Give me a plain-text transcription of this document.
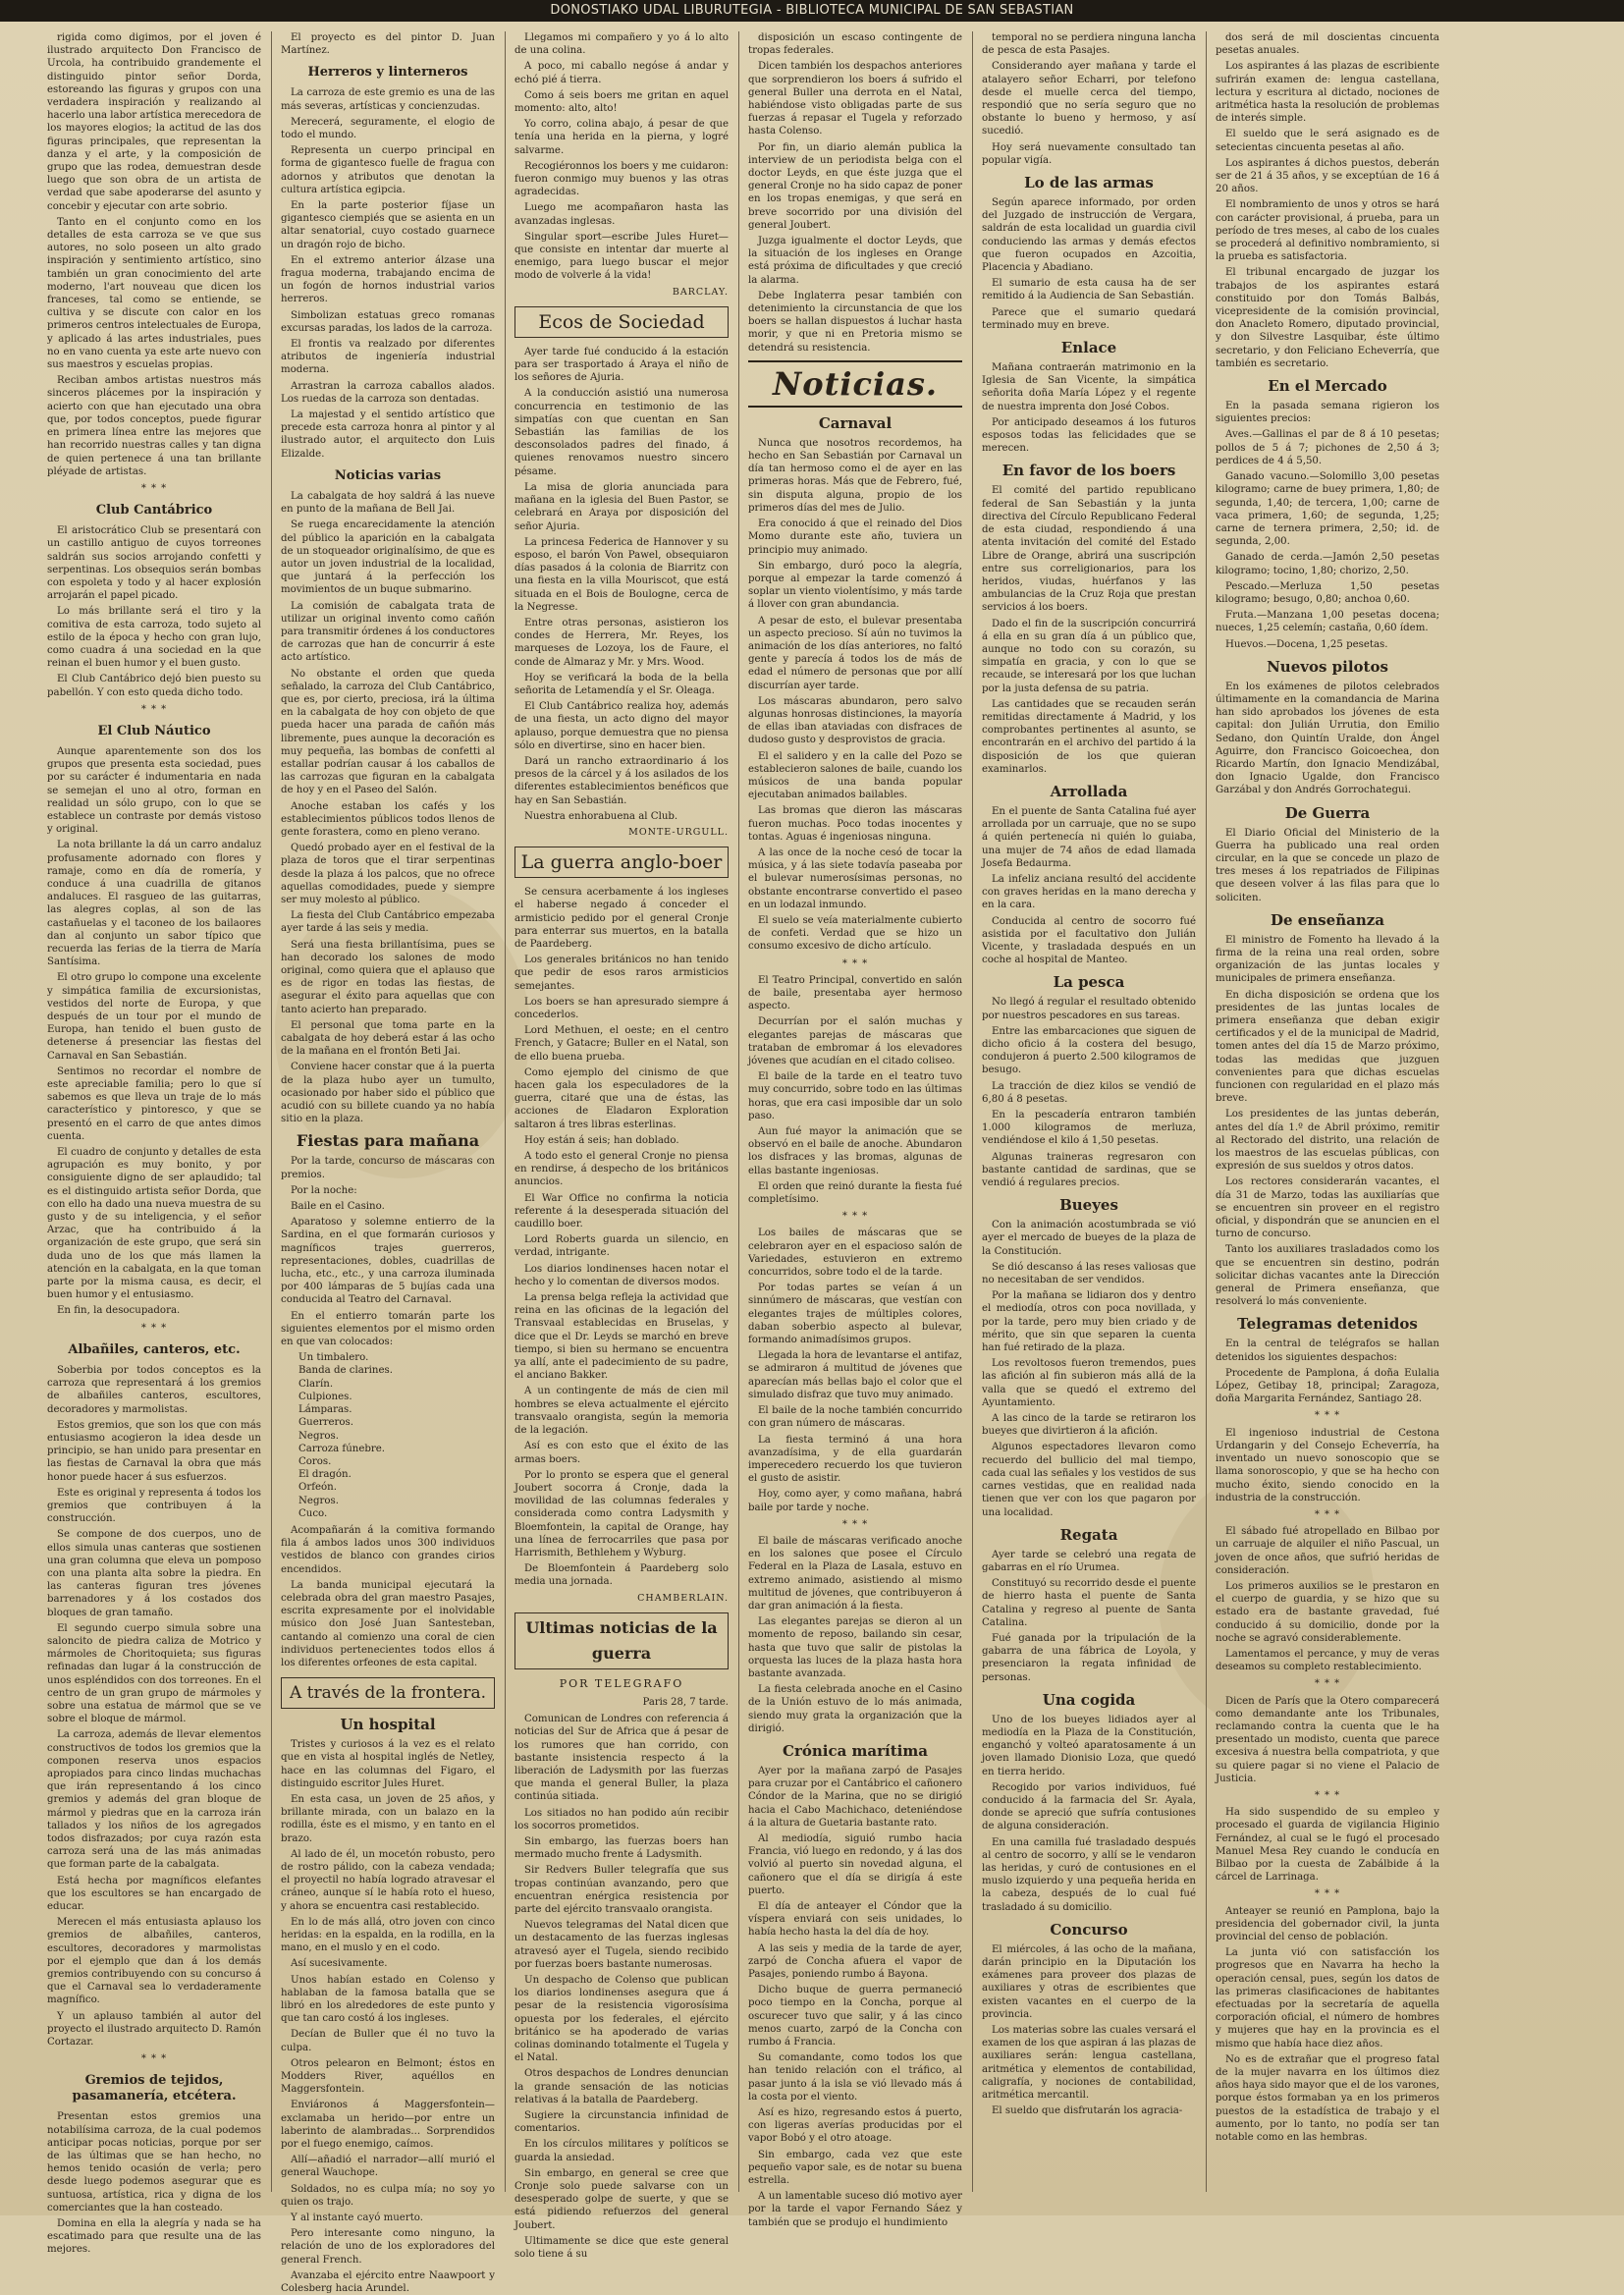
DONOSTIAKO UDAL LIBURUTEGIA - BIBLIOTECA MUNICIPAL DE SAN SEBASTIAN

rigida como digimos, por el joven é ilustrado arquitecto Don Francisco de Urcola, ha contribuido grandemente el distinguido pintor señor Dorda, estoreando las figuras y grupos con una verdadera inspiración y realizando al hacerlo una labor artística merecedora de los mayores elogios; la actitud de las dos figuras principales, que representan la danza y el arte, y la composición de grupo que las rodea, demuestran desde luego que son obra de un artista de verdad que sabe apoderarse del asunto y concebir y ejecutar con arte sobrio.

Tanto en el conjunto como en los detalles de esta carroza se ve que sus autores, no solo poseen un alto grado inspiración y sentimiento artístico, sino también un gran conocimiento del arte moderno, l'art nouveau que dicen los franceses, tal como se entiende, se cultiva y se discute con calor en los primeros centros intelectuales de Europa, y aplicado á las artes industriales, pues no en vano cuenta ya este arte nuevo con sus maestros y escuelas propias.

Reciban ambos artistas nuestros más sinceros plácemes por la inspiración y acierto con que han ejecutado una obra que, por todos conceptos, puede figurar en primera línea entre las mejores que han recorrido nuestras calles y tan digna de quien pertenece á una tan brillante pléyade de artistas.

* * *
Club Cantábrico

El aristocrático Club se presentará con un castillo antiguo de cuyos torreones saldrán sus socios arrojando confetti y serpentinas. Los obsequios serán bombas con espoleta y todo y al hacer explosión arrojarán el papel picado.

Lo más brillante será el tiro y la comitiva de esta carroza, todo sujeto al estilo de la época y hecho con gran lujo, como cuadra á una sociedad en la que reinan el buen humor y el buen gusto.

El Club Cantábrico dejó bien puesto su pabellón. Y con esto queda dicho todo.

* * *
El Club Náutico

Aunque aparentemente son dos los grupos que presenta esta sociedad, pues por su carácter é indumentaria en nada se semejan el uno al otro, forman en realidad un sólo grupo, con lo que se establece un contraste por demás vistoso y original.

La nota brillante la dá un carro andaluz profusamente adornado con flores y ramaje, como en día de romería, y conduce á una cuadrilla de gitanos andaluces. El rasgueo de las guitarras, las alegres coplas, al son de las castañuelas y el taconeo de los bailaores dan al conjunto un sabor típico que recuerda las ferias de la tierra de María Santísima.

El otro grupo lo compone una excelente y simpática familia de excursionistas, vestidos del norte de Europa, y que después de un tour por el mundo de Europa, han tenido el buen gusto de detenerse á presenciar las fiestas del Carnaval en San Sebastián.

Sentimos no recordar el nombre de este apreciable familia; pero lo que sí sabemos es que lleva un traje de lo más característico y pintoresco, y que se presentó en el carro de que antes dimos cuenta.

El cuadro de conjunto y detalles de esta agrupación es muy bonito, y por consiguiente digno de ser aplaudido; tal es el distinguido artista señor Dorda, que con ello ha dado una nueva muestra de su gusto y de su inteligencia, y el señor Arzac, que ha contribuido á la organización de este grupo, que será sin duda uno de los que más llamen la atención en la cabalgata, en la que toman parte por la misma causa, es decir, el buen humor y el entusiasmo.

En fin, la desocupadora.

* * *
Albañiles, canteros, etc.

Soberbia por todos conceptos es la carroza que representará á los gremios de albañiles canteros, escultores, decoradores y marmolistas.

Estos gremios, que son los que con más entusiasmo acogieron la idea desde un principio, se han unido para presentar en las fiestas de Carnaval la obra que más honor puede hacer á sus esfuerzos.

Este es original y representa á todos los gremios que contribuyen á la construcción.

Se compone de dos cuerpos, uno de ellos simula unas canteras que sostienen una gran columna que eleva un pomposo con una planta alta sobre la piedra. En las canteras figuran tres jóvenes barrenadores y á los costados dos bloques de gran tamaño.

El segundo cuerpo simula sobre una saloncito de piedra caliza de Motrico y mármoles de Choritoquieta; sus figuras refinadas dan lugar á la construcción de unos espléndidos con dos torreones. En el centro de un gran grupo de mármoles y sobre una estatua de mármol que se ve sobre el bloque de mármol.

La carroza, además de llevar elementos constructivos de todos los gremios que la componen reserva unos espacios apropiados para cinco lindas muchachas que irán representando á los cinco gremios y además del gran bloque de mármol y piedras que en la carroza irán tallados y los niños de los agregados todos disfrazados; por cuya razón esta carroza será una de las más animadas que forman parte de la cabalgata.

Está hecha por magníficos elefantes que los escultores se han encargado de educar.

Merecen el más entusiasta aplauso los gremios de albañiles, canteros, escultores, decoradores y marmolistas por el ejemplo que dan á los demás gremios contribuyendo con su concurso á que el Carnaval sea lo verdaderamente magnífico.

Y un aplauso también al autor del proyecto el ilustrado arquitecto D. Ramón Cortazar.

* * *
Gremios de tejidos, pasamanería, etcétera.

Presentan estos gremios una notabilísima carroza, de la cual podemos anticipar pocas noticias, porque por ser de las últimas que se han hecho, no hemos tenido ocasión de verla; pero desde luego podemos asegurar que es suntuosa, artística, rica y digna de los comerciantes que la han costeado.

Domina en ella la alegría y nada se ha escatimado para que resulte una de las mejores.

El proyecto es del pintor D. Juan Martínez.

Herreros y linterneros

La carroza de este gremio es una de las más severas, artísticas y concienzudas.

Merecerá, seguramente, el elogio de todo el mundo.

Representa un cuerpo principal en forma de gigantesco fuelle de fragua con adornos y atributos que denotan la cultura artística egipcia.

En la parte posterior fíjase un gigantesco ciempiés que se asienta en un altar senatorial, cuyo costado guarnece un dragón rojo de bicho.

En el extremo anterior álzase una fragua moderna, trabajando encima de un fogón de hornos industrial varios herreros.

Simbolizan estatuas greco romanas excursas paradas, los lados de la carroza.

El frontis va realzado por diferentes atributos de ingeniería industrial moderna.

Arrastran la carroza caballos alados. Los ruedas de la carroza son dentadas.

La majestad y el sentido artístico que precede esta carroza honra al pintor y al ilustrado autor, el arquitecto don Luis Elizalde.

Noticias varias

La cabalgata de hoy saldrá á las nueve en punto de la mañana de Bell Jai.

Se ruega encarecidamente la atención del público la aparición en la cabalgata de un stoqueador originalísimo, de que es autor un joven industrial de la localidad, que juntará á la perfección los movimientos de un buque submarino.

La comisión de cabalgata trata de utilizar un original invento como cañón para transmitir órdenes á los conductores de carrozas que han de concurrir á este acto artístico.

No obstante el orden que queda señalado, la carroza del Club Cantábrico, que es, por cierto, preciosa, irá la última en la cabalgata de hoy con objeto de que pueda hacer una parada de cañón más libremente, pues aunque la decoración es muy pequeña, las bombas de confetti al estallar podrían causar á los caballos de las carrozas que figuran en la cabalgata de hoy y en el Paseo del Salón.

Anoche estaban los cafés y los establecimientos públicos todos llenos de gente forastera, como en pleno verano.

Quedó probado ayer en el festival de la plaza de toros que el tirar serpentinas desde la plaza á los palcos, que no ofrece aquellas comodidades, puede y siempre ser muy molesto al público.

La fiesta del Club Cantábrico empezaba ayer tarde á las seis y media.

Será una fiesta brillantísima, pues se han decorado los salones de modo original, como quiera que el aplauso que es de rigor en todas las fiestas, de asegurar el éxito para aquellas que con tanto acierto han preparado.

El personal que toma parte en la cabalgata de hoy deberá estar á las ocho de la mañana en el frontón Beti Jai.

Conviene hacer constar que á la puerta de la plaza hubo ayer un tumulto, ocasionado por haber sido el público que acudió con su billete cuando ya no había sitio en la plaza.

Fiestas para mañana

Por la tarde, concurso de máscaras con premios.

Por la noche:

Baile en el Casino.

Aparatoso y solemne entierro de la Sardina, en el que formarán curiosos y magníficos trajes guerreros, representaciones, dobles, cuadrillas de lucha, etc., etc., y una carroza iluminada por 400 lámparas de 5 bujías cada una conducida al Teatro del Carnaval.

En el entierro tomarán parte los siguientes elementos por el mismo orden en que van colocados:

Un timbalero.
Banda de clarines.
Clarín.
Culpiones.
Lámparas.
Guerreros.
Negros.
Carroza fúnebre.
Coros.
El dragón.
Orfeón.
Negros.
Cuco.

Acompañarán á la comitiva formando fila á ambos lados unos 300 individuos vestidos de blanco con grandes cirios encendidos.

La banda municipal ejecutará la celebrada obra del gran maestro Pasajes, escrita expresamente por el inolvidable músico don José Juan Santesteban, cantando al comienzo una coral de cien individuos pertenecientes todos ellos á los diferentes orfeones de esta capital.

A través de la frontera.
Un hospital

Tristes y curiosos á la vez es el relato que en vista al hospital inglés de Netley, hace en las columnas del Figaro, el distinguido escritor Jules Huret.

En esta casa, un joven de 25 años, y brillante mirada, con un balazo en la rodilla, éste es el mismo, y en tanto en el brazo.

Al lado de él, un mocetón robusto, pero de rostro pálido, con la cabeza vendada; el proyectil no había logrado atravesar el cráneo, aunque sí le había roto el hueso, y ahora se encuentra casi restablecido.

En lo de más allá, otro joven con cinco heridas: en la espalda, en la rodilla, en la mano, en el muslo y en el codo.

Así sucesivamente.

Unos habían estado en Colenso y hablaban de la famosa batalla que se libró en los alrededores de este punto y que tan caro costó á los ingleses.

Decían de Buller que él no tuvo la culpa.

Otros pelearon en Belmont; éstos en Modders River, aquéllos en Maggersfontein.

Enviáronos á Maggersfontein—exclamaba un herido—por entre un laberinto de alambradas... Sorprendidos por el fuego enemigo, caímos.

Allí—añadió el narrador—allí murió el general Wauchope.

Soldados, no es culpa mía; no soy yo quien os trajo.

Y al instante cayó muerto.

Pero interesante como ninguno, la relación de uno de los exploradores del general French.

Avanzaba el ejército entre Naawpoort y Colesberg hacia Arundel.

Llegamos mi compañero y yo á lo alto de una colina.

A poco, mi caballo negóse á andar y echó pié á tierra.

Como á seis boers me gritan en aquel momento: alto, alto!

Yo corro, colina abajo, á pesar de que tenía una herida en la pierna, y logré salvarme.

Recogiéronnos los boers y me cuidaron: fueron conmigo muy buenos y las otras agradecidas.

Luego me acompañaron hasta las avanzadas inglesas.

Singular sport—escribe Jules Huret—que consiste en intentar dar muerte al enemigo, para luego buscar el mejor modo de volverle á la vida!

BARCLAY.
Ecos de Sociedad

Ayer tarde fué conducido á la estación para ser trasportado á Araya el niño de los señores de Ajuria.

A la conducción asistió una numerosa concurrencia en testimonio de las simpatías con que cuentan en San Sebastián las familias de los desconsolados padres del finado, á quienes renovamos nuestro sincero pésame.

La misa de gloria anunciada para mañana en la iglesia del Buen Pastor, se celebrará en Araya por disposición del señor Ajuria.

La princesa Federica de Hannover y su esposo, el barón Von Pawel, obsequiaron días pasados á la colonia de Biarritz con una fiesta en la villa Mouriscot, que está situada en el Bois de Boulogne, cerca de la Negresse.

Entre otras personas, asistieron los condes de Herrera, Mr. Reyes, los marqueses de Lozoya, los de Faure, el conde de Almaraz y Mr. y Mrs. Wood.

Hoy se verificará la boda de la bella señorita de Letamendía y el Sr. Oleaga.

El Club Cantábrico realiza hoy, además de una fiesta, un acto digno del mayor aplauso, porque demuestra que no piensa sólo en divertirse, sino en hacer bien.

Dará un rancho extraordinario á los presos de la cárcel y á los asilados de los diferentes establecimientos benéficos que hay en San Sebastián.

Nuestra enhorabuena al Club.

MONTE-URGULL.
La guerra anglo-boer

Se censura acerbamente á los ingleses el haberse negado á conceder el armisticio pedido por el general Cronje para enterrar sus muertos, en la batalla de Paardeberg.

Los generales británicos no han tenido que pedir de esos raros armisticios semejantes.

Los boers se han apresurado siempre á concederlos.

Lord Methuen, el oeste; en el centro French, y Gatacre; Buller en el Natal, son de ello buena prueba.

Como ejemplo del cinismo de que hacen gala los especuladores de la guerra, citaré que una de éstas, las acciones de Eladaron Exploration saltaron á tres libras esterlinas.

Hoy están á seis; han doblado.

A todo esto el general Cronje no piensa en rendirse, á despecho de los británicos anuncios.

El War Office no confirma la noticia referente á la desesperada situación del caudillo boer.

Lord Roberts guarda un silencio, en verdad, intrigante.

Los diarios londinenses hacen notar el hecho y lo comentan de diversos modos.

La prensa belga refleja la actividad que reina en las oficinas de la legación del Transvaal establecidas en Bruselas, y dice que el Dr. Leyds se marchó en breve tiempo, si bien su hermano se encuentra ya allí, ante el padecimiento de su padre, el anciano Bakker.

A un contingente de más de cien mil hombres se eleva actualmente el ejército transvaalo orangista, según la memoria de la legación.

Así es con esto que el éxito de las armas boers.

Por lo pronto se espera que el general Joubert socorra á Cronje, dada la movilidad de las columnas federales y considerada como contra Ladysmith y Bloemfontein, la capital de Orange, hay una línea de ferrocarriles que pasa por Harrismith, Bethlehem y Wyburg.

De Bloemfontein á Paardeberg solo media una jornada.

CHAMBERLAIN.
Ultimas noticias de la guerra
POR TELEGRAFO
Paris 28, 7 tarde.

Comunican de Londres con referencia á noticias del Sur de Africa que á pesar de los rumores que han corrido, con bastante insistencia respecto á la liberación de Ladysmith por las fuerzas que manda el general Buller, la plaza continúa sitiada.

Los sitiados no han podido aún recibir los socorros prometidos.

Sin embargo, las fuerzas boers han mermado mucho frente á Ladysmith.

Sir Redvers Buller telegrafía que sus tropas continúan avanzando, pero que encuentran enérgica resistencia por parte del ejército transvaalo orangista.

Nuevos telegramas del Natal dicen que un destacamento de las fuerzas inglesas atravesó ayer el Tugela, siendo recibido por fuerzas boers bastante numerosas.

Un despacho de Colenso que publican los diarios londinenses asegura que á pesar de la resistencia vigorosísima opuesta por los federales, el ejército británico se ha apoderado de varias colinas dominando totalmente el Tugela y el Natal.

Otros despachos de Londres denuncian la grande sensación de las noticias relativas á la batalla de Paardeberg.

Sugiere la circunstancia infinidad de comentarios.

En los círculos militares y políticos se guarda la ansiedad.

Sin embargo, en general se cree que Cronje solo puede salvarse con un desesperado golpe de suerte, y que se está pidiendo refuerzos del general Joubert.

Ultimamente se dice que este general solo tiene á su

disposición un escaso contingente de tropas federales.

Dicen también los despachos anteriores que sorprendieron los boers á sufrido el general Buller una derrota en el Natal, habiéndose visto obligadas parte de sus fuerzas á repasar el Tugela y reforzado hasta Colenso.

Por fin, un diario alemán publica la interview de un periodista belga con el doctor Leyds, en que éste juzga que el general Cronje no ha sido capaz de poner en los tropas enemigas, y que será en breve socorrido por una división del general Joubert.

Juzga igualmente el doctor Leyds, que la situación de los ingleses en Orange está próxima de dificultades y que creció la alarma.

Debe Inglaterra pesar también con detenimiento la circunstancia de que los boers se hallan dispuestos á luchar hasta morir, y que ni en Pretoria mismo se detendrá su resistencia.

Noticias.
Carnaval

Nunca que nosotros recordemos, ha hecho en San Sebastián por Carnaval un día tan hermoso como el de ayer en las primeras horas. Más que de Febrero, fué, sin disputa alguna, propio de los primeros días del mes de Julio.

Era conocido á que el reinado del Dios Momo durante este año, tuviera un principio muy animado.

Sin embargo, duró poco la alegría, porque al empezar la tarde comenzó á soplar un viento violentísimo, y más tarde á llover con gran abundancia.

A pesar de esto, el bulevar presentaba un aspecto precioso. Sí aún no tuvimos la animación de los días anteriores, no faltó gente y parecía á todos los de más de edad el número de personas que por allí discurrían ayer tarde.

Los máscaras abundaron, pero salvo algunas honrosas distinciones, la mayoría de ellas iban ataviadas con disfraces de dudoso gusto y desprovistos de gracia.

El el salidero y en la calle del Pozo se establecieron salones de baile, cuando los músicos de una banda popular ejecutaban animados bailables.

Las bromas que dieron las máscaras fueron muchas. Poco todas inocentes y tontas. Aguas é ingeniosas ninguna.

A las once de la noche cesó de tocar la música, y á las siete todavía paseaba por el bulevar numerosísimas personas, no obstante encontrarse convertido el paseo en un lodazal inmundo.

El suelo se veía materialmente cubierto de confeti. Verdad que se hizo un consumo excesivo de dicho artículo.

* * *

El Teatro Principal, convertido en salón de baile, presentaba ayer hermoso aspecto.

Decurrían por el salón muchas y elegantes parejas de máscaras que trataban de embromar á los elevadores jóvenes que acudían en el citado coliseo.

El baile de la tarde en el teatro tuvo muy concurrido, sobre todo en las últimas horas, que era casi imposible dar un solo paso.

Aun fué mayor la animación que se observó en el baile de anoche. Abundaron los disfraces y las bromas, algunas de ellas bastante ingeniosas.

El orden que reinó durante la fiesta fué completísimo.

* * *

Los bailes de máscaras que se celebraron ayer en el espacioso salón de Variedades, estuvieron en extremo concurridos, sobre todo el de la tarde.

Por todas partes se veían á un sinnúmero de máscaras, que vestían con elegantes trajes de múltiples colores, daban soberbio aspecto al bulevar, formando animadísimos grupos.

Llegada la hora de levantarse el antifaz, se admiraron á multitud de jóvenes que aparecían más bellas bajo el color que el simulado disfraz que tuvo muy animado.

El baile de la noche también concurrido con gran número de máscaras.

La fiesta terminó á una hora avanzadísima, y de ella guardarán imperecedero recuerdo los que tuvieron el gusto de asistir.

Hoy, como ayer, y como mañana, habrá baile por tarde y noche.

* * *

El baile de máscaras verificado anoche en los salones que posee el Círculo Federal en la Plaza de Lasala, estuvo en extremo animado, asistiendo al mismo multitud de jóvenes, que contribuyeron á dar gran animación á la fiesta.

Las elegantes parejas se dieron al un momento de reposo, bailando sin cesar, hasta que tuvo que salir de pistolas la orquesta las luces de la plaza hasta hora bastante avanzada.

La fiesta celebrada anoche en el Casino de la Unión estuvo de lo más animada, siendo muy grata la organización que la dirigió.

Crónica marítima

Ayer por la mañana zarpó de Pasajes para cruzar por el Cantábrico el cañonero Cóndor de la Marina, que no se dirigió hacia el Cabo Machichaco, deteniéndose á la altura de Guetaria bastante rato.

Al mediodía, siguió rumbo hacia Francia, vió luego en redondo, y á las dos volvió al puerto sin novedad alguna, el cañonero que el día se dirigía á este puerto.

El día de anteayer el Cóndor que la víspera enviará con seis unidades, lo había hecho hasta la del día de hoy.

A las seis y media de la tarde de ayer, zarpó de Concha afuera el vapor de Pasajes, poniendo rumbo á Bayona.

Dicho buque de guerra permaneció poco tiempo en la Concha, porque al oscurecer tuvo que salir, y á las cinco menos cuarto, zarpó de la Concha con rumbo á Francia.

Su comandante, como todos los que han tenido relación con el tráfico, al pasar junto á la isla se vió llevado más á la costa por el viento.

Así es hizo, regresando estos á puerto, con ligeras averías producidas por el vapor Bobó y el otro atoage.

Sin embargo, cada vez que este pequeño vapor sale, es de notar su buena estrella.

A un lamentable suceso dió motivo ayer por la tarde el vapor Fernando Sáez y también que se produjo el hundimiento

temporal no se perdiera ninguna lancha de pesca de esta Pasajes.

Considerando ayer mañana y tarde el atalayero señor Echarri, por telefono desde el muelle cerca del tiempo, respondió que no sería seguro que no obstante lo bueno y hermoso, y así sucedió.

Hoy será nuevamente consultado tan popular vigía.

Lo de las armas

Según aparece informado, por orden del Juzgado de instrucción de Vergara, saldrán de esta localidad un guardia civil conduciendo las armas y demás efectos que fueron ocupados en Azcoitia, Placencia y Abadiano.

El sumario de esta causa ha de ser remitido á la Audiencia de San Sebastián.

Parece que el sumario quedará terminado muy en breve.

Enlace

Mañana contraerán matrimonio en la Iglesia de San Vicente, la simpática señorita doña María López y el regente de nuestra imprenta don José Cobos.

Por anticipado deseamos á los futuros esposos todas las felicidades que se merecen.

En favor de los boers

El comité del partido republicano federal de San Sebastián y la junta directiva del Círculo Republicano Federal de esta ciudad, respondiendo á una atenta invitación del comité del Estado Libre de Orange, abrirá una suscripción entre sus correligionarios, para los heridos, viudas, huérfanos y las ambulancias de la Cruz Roja que prestan servicios á los boers.

Dado el fin de la suscripción concurrirá á ella en su gran día á un público que, aunque no todo con su corazón, su simpatía en gracia, y con lo que se recaude, se interesará por los que luchan por la justa defensa de su patria.

Las cantidades que se recauden serán remitidas directamente á Madrid, y los comprobantes pertinentes al asunto, se encontrarán en el archivo del partido á la disposición de los que quieran examinarlos.

Arrollada

En el puente de Santa Catalina fué ayer arrollada por un carruaje, que no se supo á quién pertenecía ni quién lo guiaba, una mujer de 74 años de edad llamada Josefa Bedaurma.

La infeliz anciana resultó del accidente con graves heridas en la mano derecha y en la cara.

Conducida al centro de socorro fué asistida por el facultativo don Julián Vicente, y trasladada después en un coche al hospital de Manteo.

La pesca

No llegó á regular el resultado obtenido por nuestros pescadores en sus tareas.

Entre las embarcaciones que siguen de dicho oficio á la costera del besugo, condujeron á puerto 2.500 kilogramos de besugo.

La tracción de diez kilos se vendió de 6,80 á 8 pesetas.

En la pescadería entraron también 1.000 kilogramos de merluza, vendiéndose el kilo á 1,50 pesetas.

Algunas traineras regresaron con bastante cantidad de sardinas, que se vendió á regulares precios.

Bueyes

Con la animación acostumbrada se vió ayer el mercado de bueyes de la plaza de la Constitución.

Se dió descanso á las reses valiosas que no necesitaban de ser vendidos.

Por la mañana se lidiaron dos y dentro el mediodía, otros con poca novillada, y por la tarde, pero muy bien criado y de mérito, que sin que separen la cuenta han fué retirado de la plaza.

Los revoltosos fueron tremendos, pues las afición al fin subieron más allá de la valla que se quedó el extremo del Ayuntamiento.

A las cinco de la tarde se retiraron los bueyes que divirtieron á la afición.

Algunos espectadores llevaron como recuerdo del bullicio del mal tiempo, cada cual las señales y los vestidos de sus carnes vestidas, que en realidad nada tienen que ver con los que pagaron por una localidad.

Regata

Ayer tarde se celebró una regata de gabarras en el río Urumea.

Constituyó su recorrido desde el puente de hierro hasta el puente de Santa Catalina y regreso al puente de Santa Catalina.

Fué ganada por la tripulación de la gabarra de una fábrica de Loyola, y presenciaron la regata infinidad de personas.

Una cogida

Uno de los bueyes lidiados ayer al mediodía en la Plaza de la Constitución, enganchó y volteó aparatosamente á un joven llamado Dionisio Loza, que quedó en tierra herido.

Recogido por varios individuos, fué conducido á la farmacia del Sr. Ayala, donde se apreció que sufría contusiones de alguna consideración.

En una camilla fué trasladado después al centro de socorro, y allí se le vendaron las heridas, y curó de contusiones en el muslo izquierdo y una pequeña herida en la cabeza, después de lo cual fué trasladado á su domicilio.

Concurso

El miércoles, á las ocho de la mañana, darán principio en la Diputación los exámenes para proveer dos plazas de auxiliares y otras de escribientes que existen vacantes en el cuerpo de la provincia.

Los materias sobre las cuales versará el examen de los que aspiran á las plazas de auxiliares serán: lengua castellana, aritmética y elementos de contabilidad, caligrafía, y nociones de contabilidad, aritmética mercantil.

El sueldo que disfrutarán los agracia-

dos será de mil doscientas cincuenta pesetas anuales.

Los aspirantes á las plazas de escribiente sufrirán examen de: lengua castellana, lectura y escritura al dictado, nociones de aritmética hasta la resolución de problemas de interés simple.

El sueldo que le será asignado es de setecientas cincuenta pesetas al año.

Los aspirantes á dichos puestos, deberán ser de 21 á 35 años, y se exceptúan de 16 á 20 años.

El nombramiento de unos y otros se hará con carácter provisional, á prueba, para un período de tres meses, al cabo de los cuales se procederá al definitivo nombramiento, si la prueba es satisfactoria.

El tribunal encargado de juzgar los trabajos de los aspirantes estará constituido por don Tomás Balbás, vicepresidente de la comisión provincial, don Anacleto Romero, diputado provincial, y don Silvestre Lasquibar, éste último secretario, y don Feliciano Echeverría, que también es secretario.

En el Mercado

En la pasada semana rigieron los siguientes precios:

Aves.—Gallinas el par de 8 á 10 pesetas; pollos de 5 á 7; pichones de 2,50 á 3; perdices de 4 á 5,50.

Ganado vacuno.—Solomillo 3,00 pesetas kilogramo; carne de buey primera, 1,80; de segunda, 1,40; de tercera, 1,00; carne de vaca primera, 1,60; de segunda, 1,25; carne de ternera primera, 2,50; id. de segunda, 2,00.

Ganado de cerda.—Jamón 2,50 pesetas kilogramo; tocino, 1,80; chorizo, 2,50.

Pescado.—Merluza 1,50 pesetas kilogramo; besugo, 0,80; anchoa 0,60.

Fruta.—Manzana 1,00 pesetas docena; nueces, 1,25 celemín; castaña, 0,60 ídem.

Huevos.—Docena, 1,25 pesetas.

Nuevos pilotos

En los exámenes de pilotos celebrados últimamente en la comandancia de Marina han sido aprobados los jóvenes de esta capital: don Julián Urrutia, don Emilio Sedano, don Quintín Uralde, don Ángel Aguirre, don Francisco Goicoechea, don Ricardo Martín, don Ignacio Mendizábal, don Ignacio Ugalde, don Francisco Garzábal y don Andrés Gorrochategui.

De Guerra

El Diario Oficial del Ministerio de la Guerra ha publicado una real orden circular, en la que se concede un plazo de tres meses á los repatriados de Filipinas que deseen volver á las filas para que lo soliciten.

De enseñanza

El ministro de Fomento ha llevado á la firma de la reina una real orden, sobre organización de las juntas locales y municipales de primera enseñanza.

En dicha disposición se ordena que los presidentes de las juntas locales de primera enseñanza que deban exigir certificados y el de la municipal de Madrid, tomen antes del día 15 de Marzo próximo, todas las medidas que juzguen convenientes para que dichas escuelas funcionen con regularidad en el plazo más breve.

Los presidentes de las juntas deberán, antes del día 1.º de Abril próximo, remitir al Rectorado del distrito, una relación de los maestros de las escuelas públicas, con expresión de sus sueldos y otros datos.

Los rectores considerarán vacantes, el día 31 de Marzo, todas las auxiliarías que se encuentren sin proveer en el registro oficial, y dispondrán que se anuncien en el turno de concurso.

Tanto los auxiliares trasladados como los que se encuentren sin destino, podrán solicitar dichas vacantes ante la Dirección general de Primera enseñanza, que resolverá lo más conveniente.

Telegramas detenidos

En la central de telégrafos se hallan detenidos los siguientes despachos:

Procedente de Pamplona, á doña Eulalia López, Getibay 18, principal; Zaragoza, doña Margarita Fernández, Santiago 28.

* * *

El ingenioso industrial de Cestona Urdangarin y del Consejo Echeverría, ha inventado un nuevo sonoscopio que se llama sonoroscopio, y que se ha hecho con mucho éxito, siendo conocido en la industria de la construcción.

* * *

El sábado fué atropellado en Bilbao por un carruaje de alquiler el niño Pascual, un joven de once años, que sufrió heridas de consideración.

Los primeros auxilios se le prestaron en el cuerpo de guardia, y se hizo que su estado era de bastante gravedad, fué conducido á su domicilio, donde por la noche se agravó considerablemente.

Lamentamos el percance, y muy de veras deseamos su completo restablecimiento.

* * *

Dicen de París que la Otero comparecerá como demandante ante los Tribunales, reclamando contra la cuenta que le ha presentado un modisto, cuenta que parece excesiva á nuestra bella compatriota, y que su quiere pagar si no viene el Palacio de Justicia.

* * *

Ha sido suspendido de su empleo y procesado el guarda de vigilancia Higinio Fernández, al cual se le fugó el procesado Manuel Mesa Rey cuando le conducía en Bilbao por la cuesta de Zabálbide á la cárcel de Larrinaga.

* * *

Anteayer se reunió en Pamplona, bajo la presidencia del gobernador civil, la junta provincial del censo de población.

La junta vió con satisfacción los progresos que en Navarra ha hecho la operación censal, pues, según los datos de las primeras clasificaciones de habitantes efectuadas por la secretaría de aquella corporación oficial, el número de hombres y mujeres que hay en la provincia es el mismo que había hace diez años.

No es de extrañar que el progreso fatal de la mujer navarra en los últimos diez años haya sido mayor que el de los varones, porque éstos formaban ya en los primeros puestos de la estadística de trabajo y el aumento, por lo tanto, no podía ser tan notable como en las hembras.
